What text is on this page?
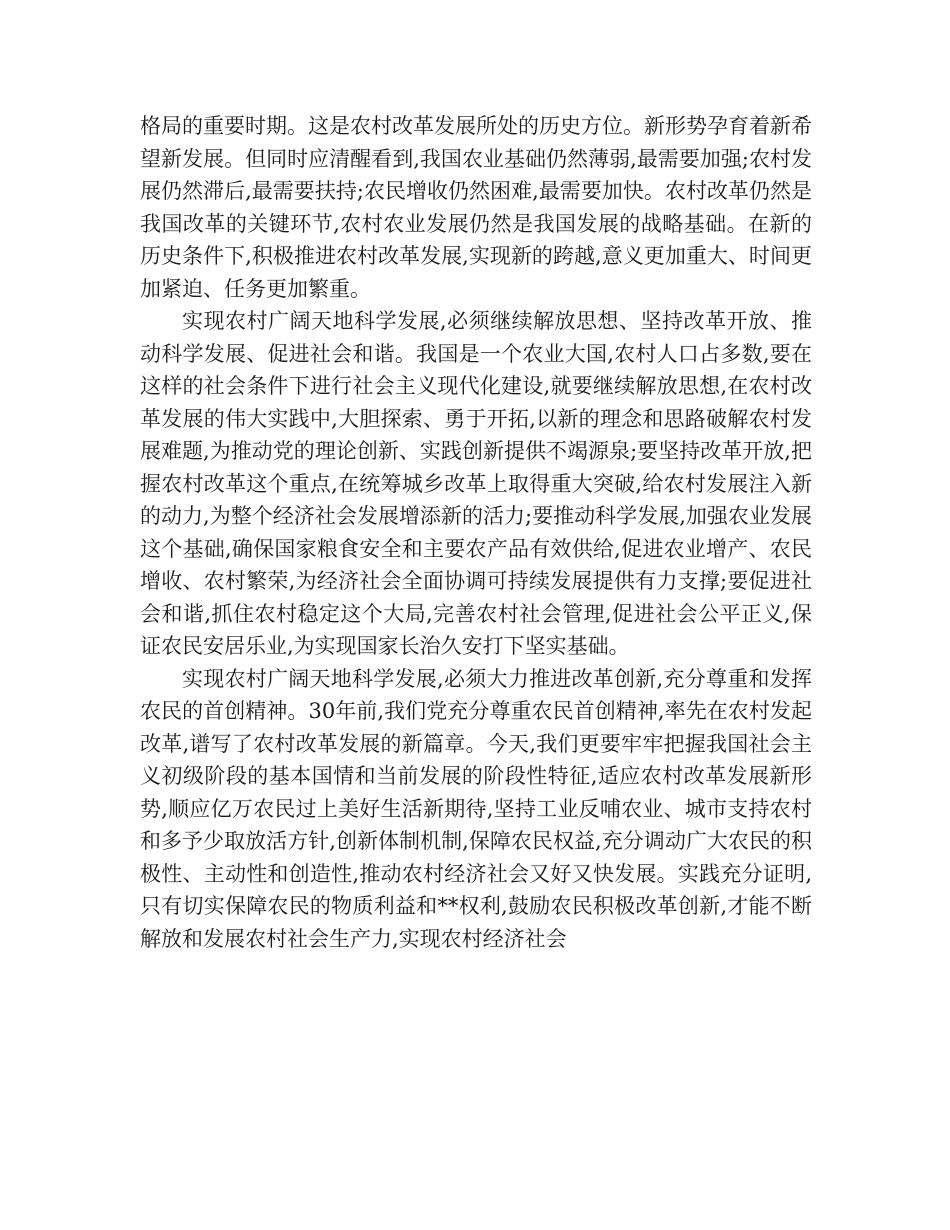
格局的重要时期。这是农村改革发展所处的历史方位。新形势孕育着新希望新发展。但同时应清醒看到,我国农业基础仍然薄弱,最需要加强;农村发展仍然滞后,最需要扶持;农民增收仍然困难,最需要加快。农村改革仍然是我国改革的关键环节,农村农业发展仍然是我国发展的战略基础。在新的历史条件下,积极推进农村改革发展,实现新的跨越,意义更加重大、时间更加紧迫、任务更加繁重。

实现农村广阔天地科学发展,必须继续解放思想、坚持改革开放、推动科学发展、促进社会和谐。我国是一个农业大国,农村人口占多数,要在这样的社会条件下进行社会主义现代化建设,就要继续解放思想,在农村改革发展的伟大实践中,大胆探索、勇于开拓,以新的理念和思路破解农村发展难题,为推动党的理论创新、实践创新提供不竭源泉;要坚持改革开放,把握农村改革这个重点,在统筹城乡改革上取得重大突破,给农村发展注入新的动力,为整个经济社会发展增添新的活力;要推动科学发展,加强农业发展这个基础,确保国家粮食安全和主要农产品有效供给,促进农业增产、农民增收、农村繁荣,为经济社会全面协调可持续发展提供有力支撑;要促进社会和谐,抓住农村稳定这个大局,完善农村社会管理,促进社会公平正义,保证农民安居乐业,为实现国家长治久安打下坚实基础。

实现农村广阔天地科学发展,必须大力推进改革创新,充分尊重和发挥农民的首创精神。30年前,我们党充分尊重农民首创精神,率先在农村发起改革,谱写了农村改革发展的新篇章。今天,我们更要牢牢把握我国社会主义初级阶段的基本国情和当前发展的阶段性特征,适应农村改革发展新形势,顺应亿万农民过上美好生活新期待,坚持工业反哺农业、城市支持农村和多予少取放活方针,创新体制机制,保障农民权益,充分调动广大农民的积极性、主动性和创造性,推动农村经济社会又好又快发展。实践充分证明,只有切实保障农民的物质利益和**权利,鼓励农民积极改革创新,才能不断解放和发展农村社会生产力,实现农村经济社会
